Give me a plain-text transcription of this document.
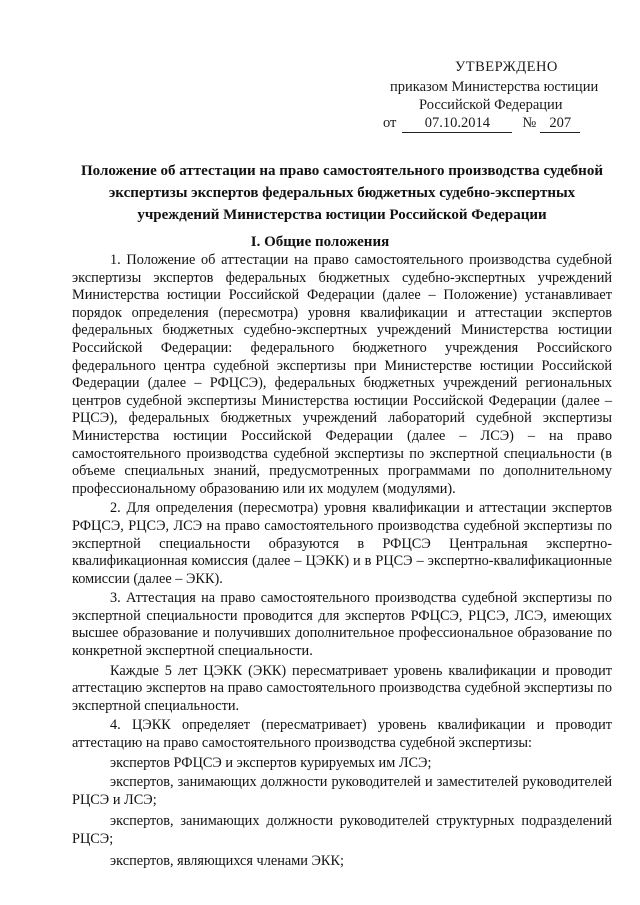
УТВЕРЖДЕНО
приказом Министерства юстиции
Российской Федерации
от 07.10.2014 № 207
Положение об аттестации на право самостоятельного производства судебной экспертизы экспертов федеральных бюджетных судебно-экспертных учреждений Министерства юстиции Российской Федерации
I. Общие положения

1. Положение об аттестации на право самостоятельного производства судебной экспертизы экспертов федеральных бюджетных судебно-экспертных учреждений Министерства юстиции Российской Федерации (далее – Положение) устанавливает порядок определения (пересмотра) уровня квалификации и аттестации экспертов федеральных бюджетных судебно-экспертных учреждений Министерства юстиции Российской Федерации: федерального бюджетного учреждения Российского федерального центра судебной экспертизы при Министерстве юстиции Российской Федерации (далее – РФЦСЭ), федеральных бюджетных учреждений региональных центров судебной экспертизы Министерства юстиции Российской Федерации (далее – РЦСЭ), федеральных бюджетных учреждений лабораторий судебной экспертизы Министерства юстиции Российской Федерации (далее – ЛСЭ) – на право самостоятельного производства судебной экспертизы по экспертной специальности (в объеме специальных знаний, предусмотренных программами по дополнительному профессиональному образованию или их модулем (модулями).

2. Для определения (пересмотра) уровня квалификации и аттестации экспертов РФЦСЭ, РЦСЭ, ЛСЭ на право самостоятельного производства судебной экспертизы по экспертной специальности образуются в РФЦСЭ Центральная экспертно-квалификационная комиссия (далее – ЦЭКК) и в РЦСЭ – экспертно-квалификационные комиссии (далее – ЭКК).

3. Аттестация на право самостоятельного производства судебной экспертизы по экспертной специальности проводится для экспертов РФЦСЭ, РЦСЭ, ЛСЭ, имеющих высшее образование и получивших дополнительное профессиональное образование по конкретной экспертной специальности.

Каждые 5 лет ЦЭКК (ЭКК) пересматривает уровень квалификации и проводит аттестацию экспертов на право самостоятельного производства судебной экспертизы по экспертной специальности.

4. ЦЭКК определяет (пересматривает) уровень квалификации и проводит аттестацию на право самостоятельного производства судебной экспертизы:

экспертов РФЦСЭ и экспертов курируемых им ЛСЭ;

экспертов, занимающих должности руководителей и заместителей руководителей РЦСЭ и ЛСЭ;

экспертов, занимающих должности руководителей структурных подразделений РЦСЭ;

экспертов, являющихся членами ЭКК;
